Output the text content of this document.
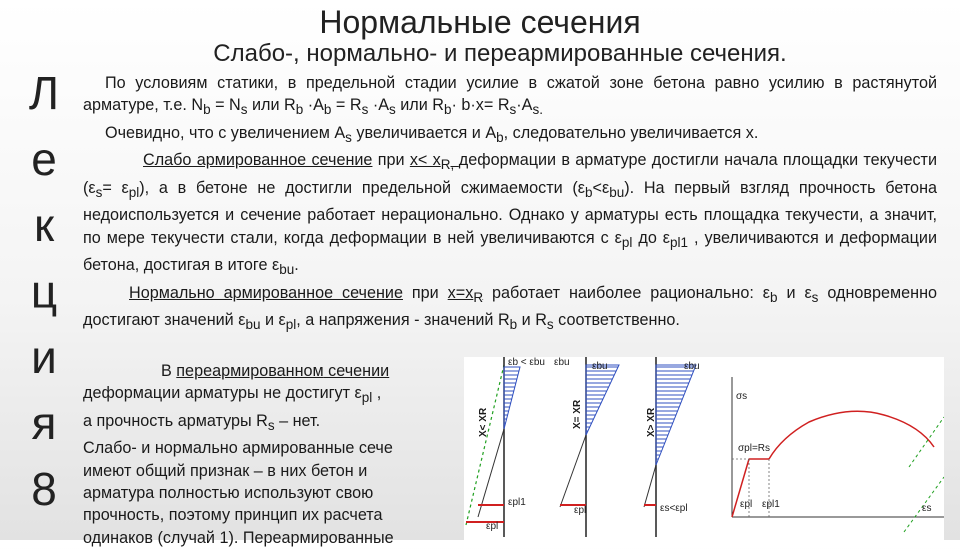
Нормальные сечения
Слабо-, нормально- и переармированные сечения.
Л
е
к
ц
и
я
8

По условиям статики, в предельной стадии усилие в сжатой зоне бетона равно усилию в растянутой арматуре, т.е. $N_b = N_s$ или $R_b \cdot A_b = R_s \cdot A_s$ или $R_b\cdot b\cdot x= R_s\cdot A_{s.}$

Очевидно, что с увеличением $A_s$ увеличивается и $A_b$, следовательно увеличивается x.

Слабо армированное сечение при $x< x_{R,}$ деформации в арматуре достигли начала площадки текучести $(\varepsilon_s= \varepsilon_{pl})$, а в бетоне не достигли предельной сжимаемости $(\varepsilon_b<\varepsilon_{bu})$. На первый взгляд прочность бетона недоиспользуется и сечение работает нерационально. Однако у арматуры есть площадка текучести, а значит, по мере текучести стали, когда деформации в ней увеличиваются с $\varepsilon_{pl}$ до $\varepsilon_{pl1}$ , увеличиваются и деформации бетона, достигая в итоге $\varepsilon_{bu}$.

Нормально армированное сечение при $x=x_R$ работает наиболее рационально: $\varepsilon_b$ и $\varepsilon_s$ одновременно достигают значений $\varepsilon_{bu}$ и $\varepsilon_{pl}$, а напряжения - значений $R_b$ и $R_s$ соответственно.

В переармированном сечении

деформации арматуры не достигут $\varepsilon_{pl}$ ,

а прочность арматуры $R_s$ – нет.

Слабо- и нормально армированные сече

имеют общий признак – в них бетон и

арматура полностью используют свою

прочность, поэтому принцип их расчета

одинаков (случай 1). Переармированные

εb < εbu εbu
X< XR
εpl1
εpl
εbu
X= XR
εpl
εbu
X> XR
εs<εpl
σs
σpl=Rs
εpl εpl1	εs
